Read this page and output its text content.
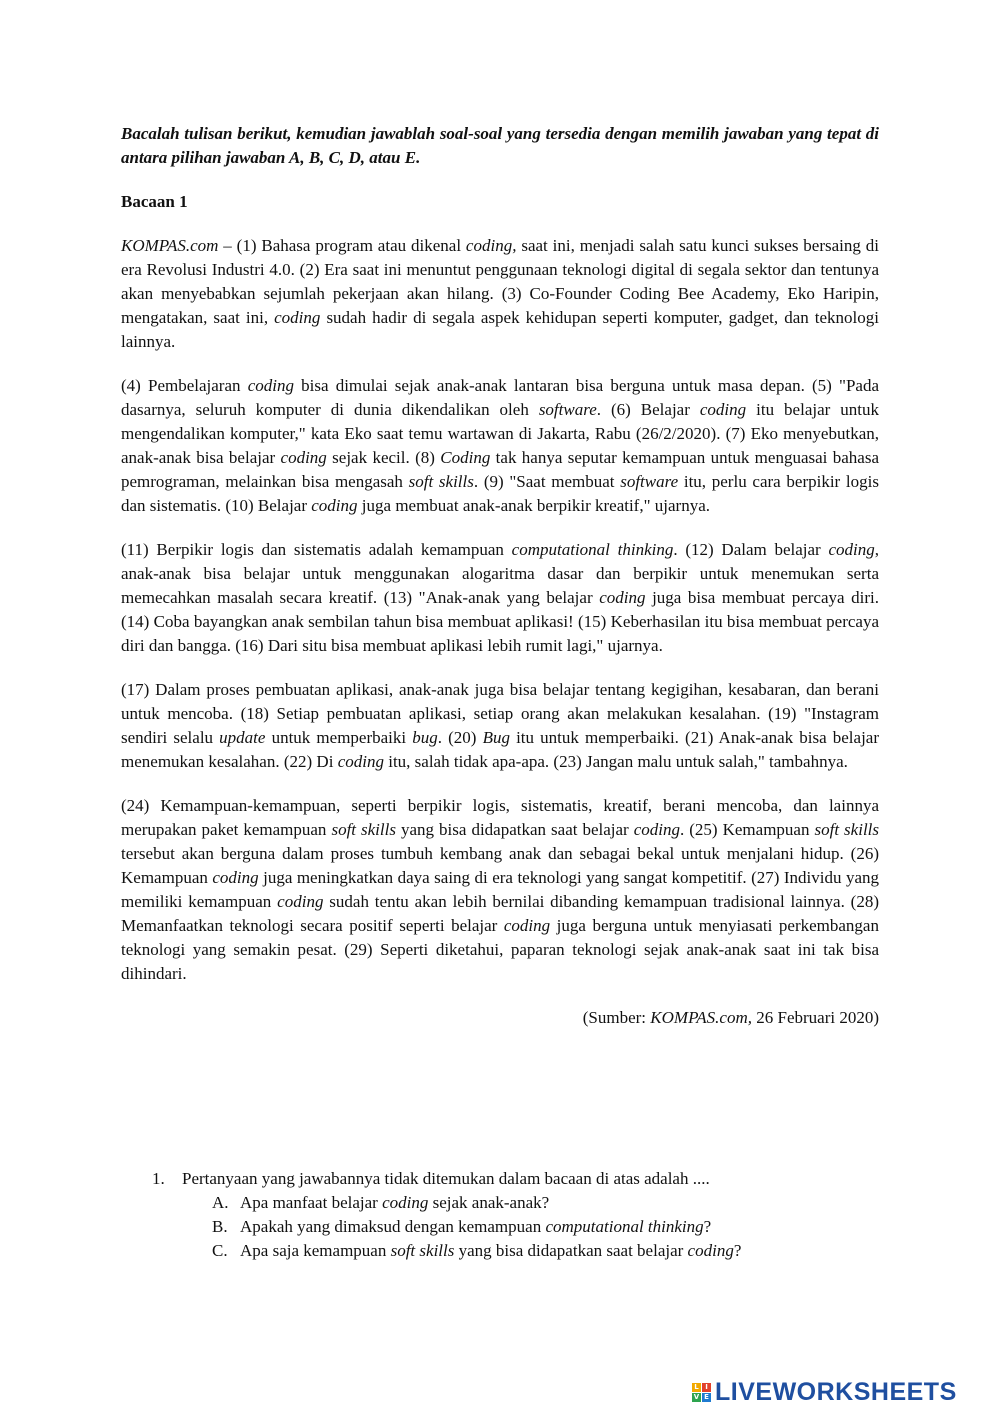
Bacalah tulisan berikut, kemudian jawablah soal-soal yang tersedia dengan memilih jawaban yang tepat di antara pilihan jawaban A, B, C, D, atau E.

Bacaan 1

KOMPAS.com – (1) Bahasa program atau dikenal coding, saat ini, menjadi salah satu kunci sukses bersaing di era Revolusi Industri 4.0. (2) Era saat ini menuntut penggunaan teknologi digital di segala sektor dan tentunya akan menyebabkan sejumlah pekerjaan akan hilang. (3) Co-Founder Coding Bee Academy, Eko Haripin, mengatakan, saat ini, coding sudah hadir di segala aspek kehidupan seperti komputer, gadget, dan teknologi lainnya.

(4) Pembelajaran coding bisa dimulai sejak anak-anak lantaran bisa berguna untuk masa depan. (5) "Pada dasarnya, seluruh komputer di dunia dikendalikan oleh software. (6) Belajar coding itu belajar untuk mengendalikan komputer," kata Eko saat temu wartawan di Jakarta, Rabu (26/2/2020). (7) Eko menyebutkan, anak-anak bisa belajar coding sejak kecil. (8) Coding tak hanya seputar kemampuan untuk menguasai bahasa pemrograman, melainkan bisa mengasah soft skills. (9) "Saat membuat software itu, perlu cara berpikir logis dan sistematis. (10) Belajar coding juga membuat anak-anak berpikir kreatif," ujarnya.

(11) Berpikir logis dan sistematis adalah kemampuan computational thinking. (12) Dalam belajar coding, anak-anak bisa belajar untuk menggunakan alogaritma dasar dan berpikir untuk menemukan serta memecahkan masalah secara kreatif. (13) "Anak-anak yang belajar coding juga bisa membuat percaya diri. (14) Coba bayangkan anak sembilan tahun bisa membuat aplikasi! (15) Keberhasilan itu bisa membuat percaya diri dan bangga. (16) Dari situ bisa membuat aplikasi lebih rumit lagi," ujarnya.

(17) Dalam proses pembuatan aplikasi, anak-anak juga bisa belajar tentang kegigihan, kesabaran, dan berani untuk mencoba. (18) Setiap pembuatan aplikasi, setiap orang akan melakukan kesalahan. (19) "Instagram sendiri selalu update untuk memperbaiki bug. (20) Bug itu untuk memperbaiki. (21) Anak-anak bisa belajar menemukan kesalahan. (22) Di coding itu, salah tidak apa-apa. (23) Jangan malu untuk salah," tambahnya.

(24) Kemampuan-kemampuan, seperti berpikir logis, sistematis, kreatif, berani mencoba, dan lainnya merupakan paket kemampuan soft skills yang bisa didapatkan saat belajar coding. (25) Kemampuan soft skills tersebut akan berguna dalam proses tumbuh kembang anak dan sebagai bekal untuk menjalani hidup. (26) Kemampuan coding juga meningkatkan daya saing di era teknologi yang sangat kompetitif. (27) Individu yang memiliki kemampuan coding sudah tentu akan lebih bernilai dibanding kemampuan tradisional lainnya. (28) Memanfaatkan teknologi secara positif seperti belajar coding juga berguna untuk menyiasati perkembangan teknologi yang semakin pesat. (29) Seperti diketahui, paparan teknologi sejak anak-anak saat ini tak bisa dihindari.

(Sumber: KOMPAS.com, 26 Februari 2020)

1.	Pertanyaan yang jawabannya tidak ditemukan dalam bacaan di atas adalah ....
A. Apa manfaat belajar coding sejak anak-anak?
B. Apakah yang dimaksud dengan kemampuan computational thinking?
C. Apa saja kemampuan soft skills yang bisa didapatkan saat belajar coding?
L I
V E LIVEWORKSHEETS
